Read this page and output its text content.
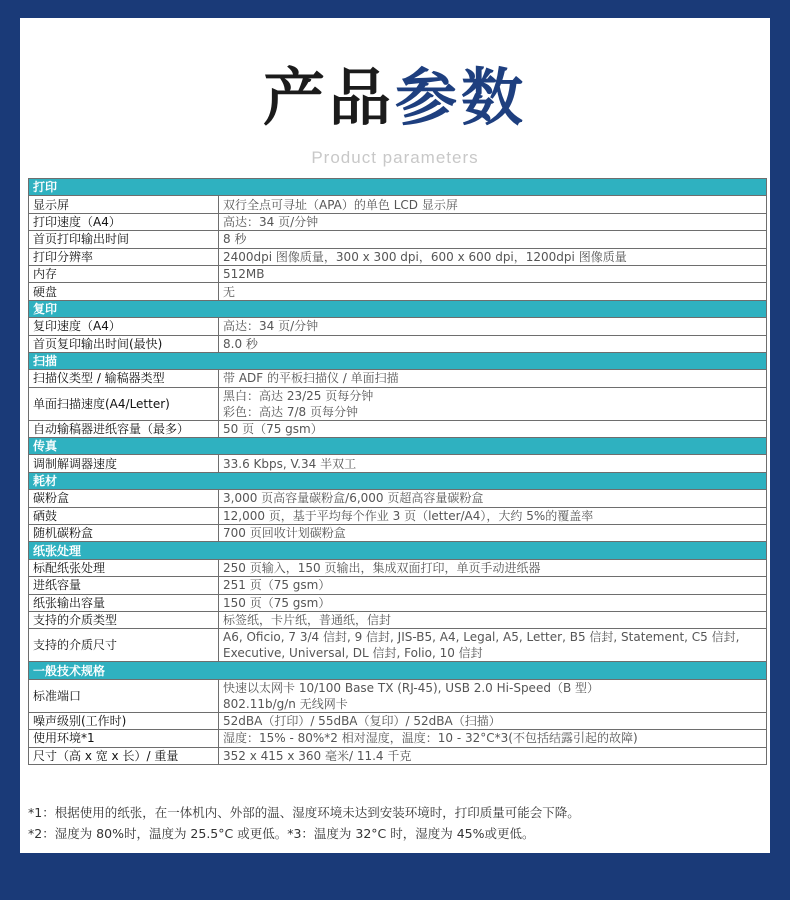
产品参数
Product parameters
打印	
显示屏	双行全点可寻址（APA）的单色 LCD 显示屏

打印速度（A4）	高达：34 页/分钟

首页打印输出时间	8 秒

打印分辨率	2400dpi 图像质量，300 x 300 dpi，600 x 600 dpi，1200dpi 图像质量

内存	512MB

硬盘	无

复印	
复印速度（A4）	高达：34 页/分钟

首页复印输出时间(最快)	8.0 秒

扫描	
扫描仪类型 / 输稿器类型	带 ADF 的平板扫描仪 / 单面扫描

单面扫描速度(A4/Letter)	黑白：高达 23/25 页每分钟
彩色：高达 7/8 页每分钟

自动输稿器进纸容量（最多）	50 页（75 gsm）

传真	
调制解调器速度	33.6 Kbps, V.34 半双工

耗材	
碳粉盒	3,000 页高容量碳粉盒/6,000 页超高容量碳粉盒

硒鼓	12,000 页，基于平均每个作业 3 页（letter/A4），大约 5%的覆盖率

随机碳粉盒	700 页回收计划碳粉盒

纸张处理	
标配纸张处理	250 页输入，150 页输出，集成双面打印，单页手动进纸器

进纸容量	251 页（75 gsm）

纸张输出容量	150 页（75 gsm）

支持的介质类型	标签纸，卡片纸，普通纸，信封

支持的介质尺寸	A6, Oficio, 7 3/4 信封, 9 信封, JIS-B5, A4, Legal, A5, Letter, B5 信封, Statement, C5 信封,
Executive, Universal, DL 信封, Folio, 10 信封

一般技术规格	
标准端口	快速以太网卡 10/100 Base TX (RJ-45), USB 2.0 Hi-Speed（B 型）
802.11b/g/n 无线网卡

噪声级别(工作时)	52dBA（打印）/ 55dBA（复印）/ 52dBA（扫描）

使用环境*1	湿度：15% - 80%*2 相对湿度，温度：10 - 32°C*3(不包括结露引起的故障)

尺寸（高 x 宽 x 长）/ 重量	352 x 415 x 360 毫米/ 11.4 千克
*1：根据使用的纸张，在一体机内、外部的温、湿度环境未达到安装环境时，打印质量可能会下降。
*2：湿度为 80%时，温度为 25.5°C 或更低。*3：温度为 32°C 时，湿度为 45%或更低。
